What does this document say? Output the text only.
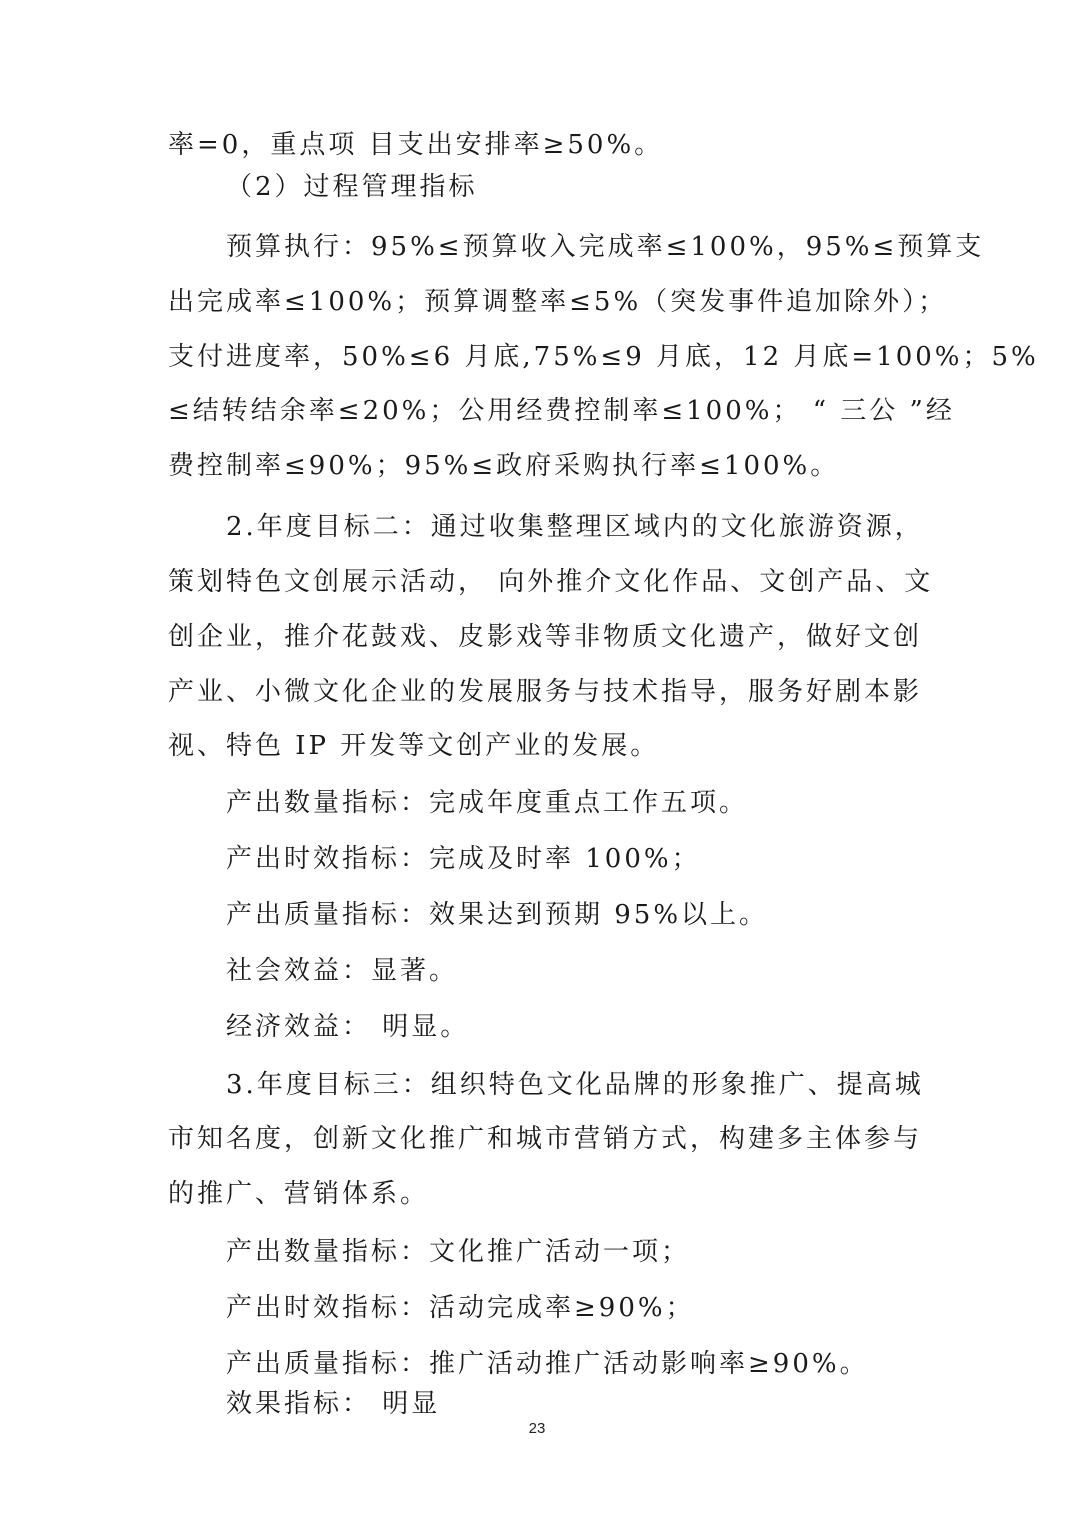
率=0，重点项 目支出安排率≥50%。
（2）过程管理指标
预算执行：95%≤预算收入完成率≤100%，95%≤预算支
出完成率≤100%；预算调整率≤5%（突发事件追加除外）；
支付进度率，50%≤6 月底,75%≤9 月底，12 月底=100%；5%
≤结转结余率≤20%；公用经费控制率≤100%； “ 三公 ”经
费控制率≤90%；95%≤政府采购执行率≤100%。
2.年度目标二：通过收集整理区域内的文化旅游资源，
策划特色文创展示活动， 向外推介文化作品、文创产品、文
创企业，推介花鼓戏、皮影戏等非物质文化遗产，做好文创
产业、小微文化企业的发展服务与技术指导，服务好剧本影
视、特色 IP 开发等文创产业的发展。
产出数量指标：完成年度重点工作五项。
产出时效指标：完成及时率 100%；
产出质量指标：效果达到预期 95%以上。
社会效益：显著。
经济效益： 明显。
3.年度目标三：组织特色文化品牌的形象推广、提高城
市知名度，创新文化推广和城市营销方式，构建多主体参与
的推广、营销体系。
产出数量指标：文化推广活动一项；
产出时效指标：活动完成率≥90%；
产出质量指标：推广活动推广活动影响率≥90%。
效果指标： 明显
23
